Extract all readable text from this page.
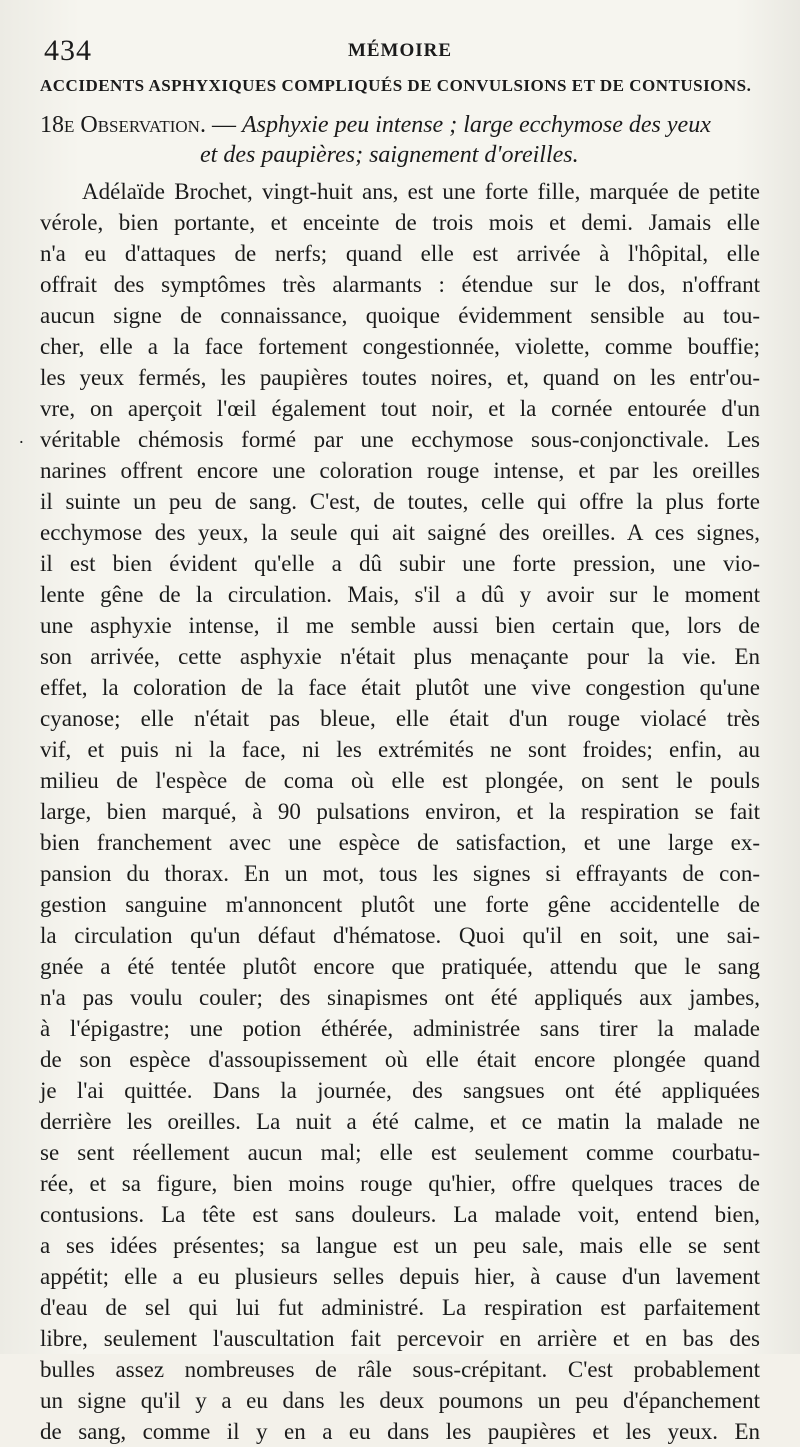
434	MÉMOIRE
ACCIDENTS ASPHYXIQUES COMPLIQUÉS DE CONVULSIONS ET DE CONTUSIONS.
18e Observation. — Asphyxie peu intense ; large ecchymose des yeux
et des paupières; saignement d'oreilles.
˙
Adélaïde Brochet, vingt-huit ans, est une forte fille, marquée de petite
vérole, bien portante, et enceinte de trois mois et demi. Jamais elle
n'a eu d'attaques de nerfs; quand elle est arrivée à l'hôpital, elle
offrait des symptômes très alarmants : étendue sur le dos, n'offrant
aucun signe de connaissance, quoique évidemment sensible au tou-
cher, elle a la face fortement congestionnée, violette, comme bouffie;
les yeux fermés, les paupières toutes noires, et, quand on les entr'ou-
vre, on aperçoit l'œil également tout noir, et la cornée entourée d'un
véritable chémosis formé par une ecchymose sous-conjonctivale. Les
narines offrent encore une coloration rouge intense, et par les oreilles
il suinte un peu de sang. C'est, de toutes, celle qui offre la plus forte
ecchymose des yeux, la seule qui ait saigné des oreilles. A ces signes,
il est bien évident qu'elle a dû subir une forte pression, une vio-
lente gêne de la circulation. Mais, s'il a dû y avoir sur le moment
une asphyxie intense, il me semble aussi bien certain que, lors de
son arrivée, cette asphyxie n'était plus menaçante pour la vie. En
effet, la coloration de la face était plutôt une vive congestion qu'une
cyanose; elle n'était pas bleue, elle était d'un rouge violacé très
vif, et puis ni la face, ni les extrémités ne sont froides; enfin, au
milieu de l'espèce de coma où elle est plongée, on sent le pouls
large, bien marqué, à 90 pulsations environ, et la respiration se fait
bien franchement avec une espèce de satisfaction, et une large ex-
pansion du thorax. En un mot, tous les signes si effrayants de con-
gestion sanguine m'annoncent plutôt une forte gêne accidentelle de
la circulation qu'un défaut d'hématose. Quoi qu'il en soit, une sai-
gnée a été tentée plutôt encore que pratiquée, attendu que le sang
n'a pas voulu couler; des sinapismes ont été appliqués aux jambes,
à l'épigastre; une potion éthérée, administrée sans tirer la malade
de son espèce d'assoupissement où elle était encore plongée quand
je l'ai quittée. Dans la journée, des sangsues ont été appliquées
derrière les oreilles. La nuit a été calme, et ce matin la malade ne
se sent réellement aucun mal; elle est seulement comme courbatu-
rée, et sa figure, bien moins rouge qu'hier, offre quelques traces de
contusions. La tête est sans douleurs. La malade voit, entend bien,
a ses idées présentes; sa langue est un peu sale, mais elle se sent
appétit; elle a eu plusieurs selles depuis hier, à cause d'un lavement
d'eau de sel qui lui fut administré. La respiration est parfaitement
libre, seulement l'auscultation fait percevoir en arrière et en bas des
bulles assez nombreuses de râle sous-crépitant. C'est probablement
un signe qu'il y a eu dans les deux poumons un peu d'épanchement
de sang, comme il y en a eu dans les paupières et les yeux. En
